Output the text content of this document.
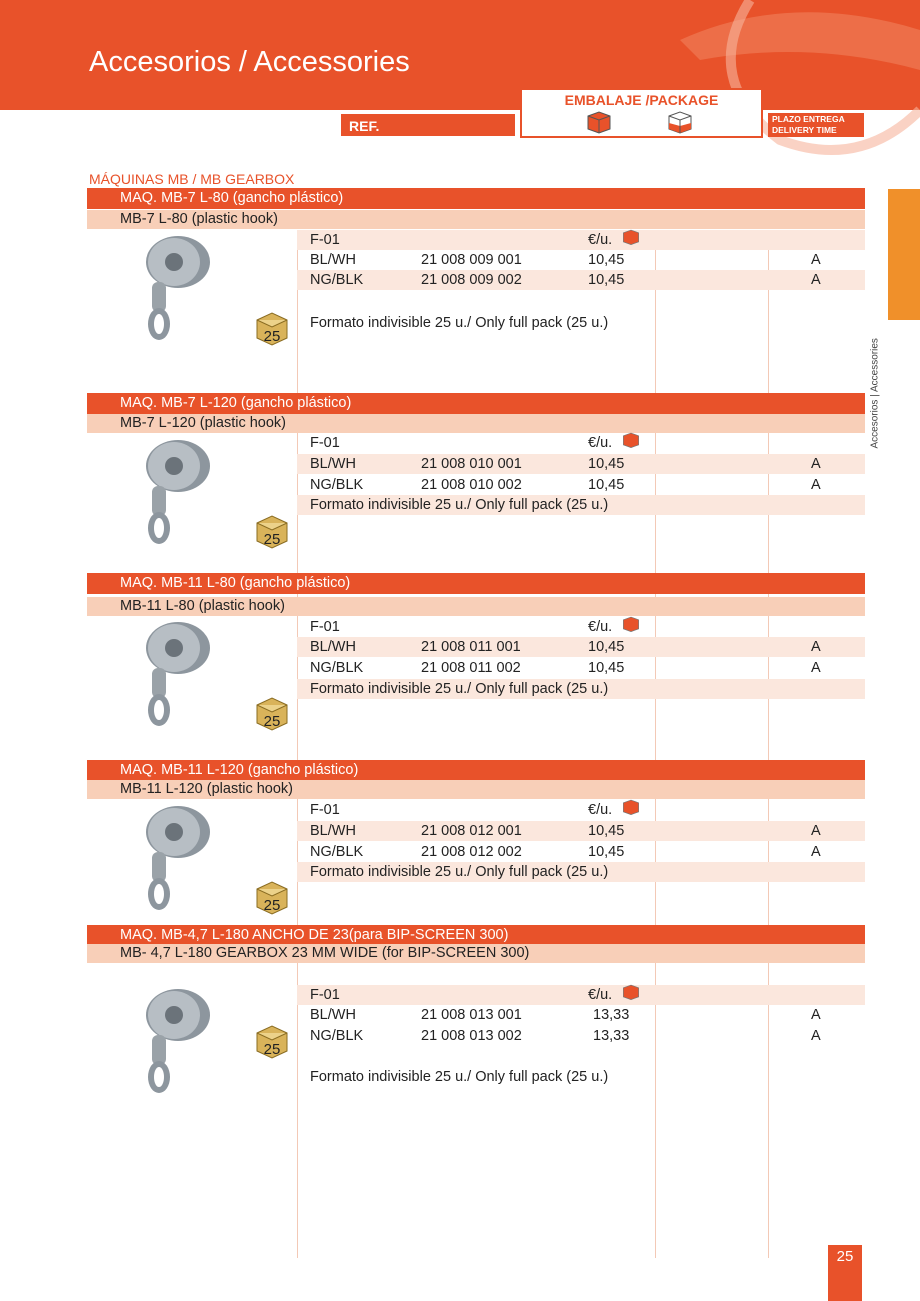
Accesorios / Accessories
REF.
EMBALAJE /PACKAGE
PLAZO ENTREGA
DELIVERY TIME
MÁQUINAS MB / MB GEARBOX
MAQ. MB-7 L-80 (gancho plástico)
MB-7 L-80 (plastic hook)
F-01	€/u.
BL/WH	21 008 009 001	10,45	A
NG/BLK	21 008 009 002	10,45	A
Formato indivisible 25 u./ Only full pack (25 u.)
25
MAQ. MB-7 L-120 (gancho plástico)
MB-7 L-120 (plastic hook)
F-01	€/u.
BL/WH	21 008 010 001	10,45	A
NG/BLK	21 008 010 002	10,45	A
Formato indivisible 25 u./ Only full pack (25 u.)
25
MAQ. MB-11 L-80 (gancho plástico)
MB-11 L-80 (plastic hook)
F-01	€/u.
BL/WH	21 008 011 001	10,45	A
NG/BLK	21 008 011 002	10,45	A
Formato indivisible 25 u./ Only full pack (25 u.)
25
MAQ. MB-11 L-120 (gancho plástico)
MB-11 L-120 (plastic hook)
F-01	€/u.
BL/WH	21 008 012 001	10,45	A
NG/BLK	21 008 012 002	10,45	A
Formato indivisible 25 u./ Only full pack (25 u.)
25
MAQ. MB-4,7 L-180 ANCHO DE 23(para BIP-SCREEN 300)
MB- 4,7 L-180 GEARBOX 23 MM WIDE (for BIP-SCREEN 300)
F-01	€/u.
BL/WH	21 008 013 001	13,33	A
NG/BLK	21 008 013 002	13,33	A
Formato indivisible 25 u./ Only full pack (25 u.)
25
Accesorios | Accessories
25
